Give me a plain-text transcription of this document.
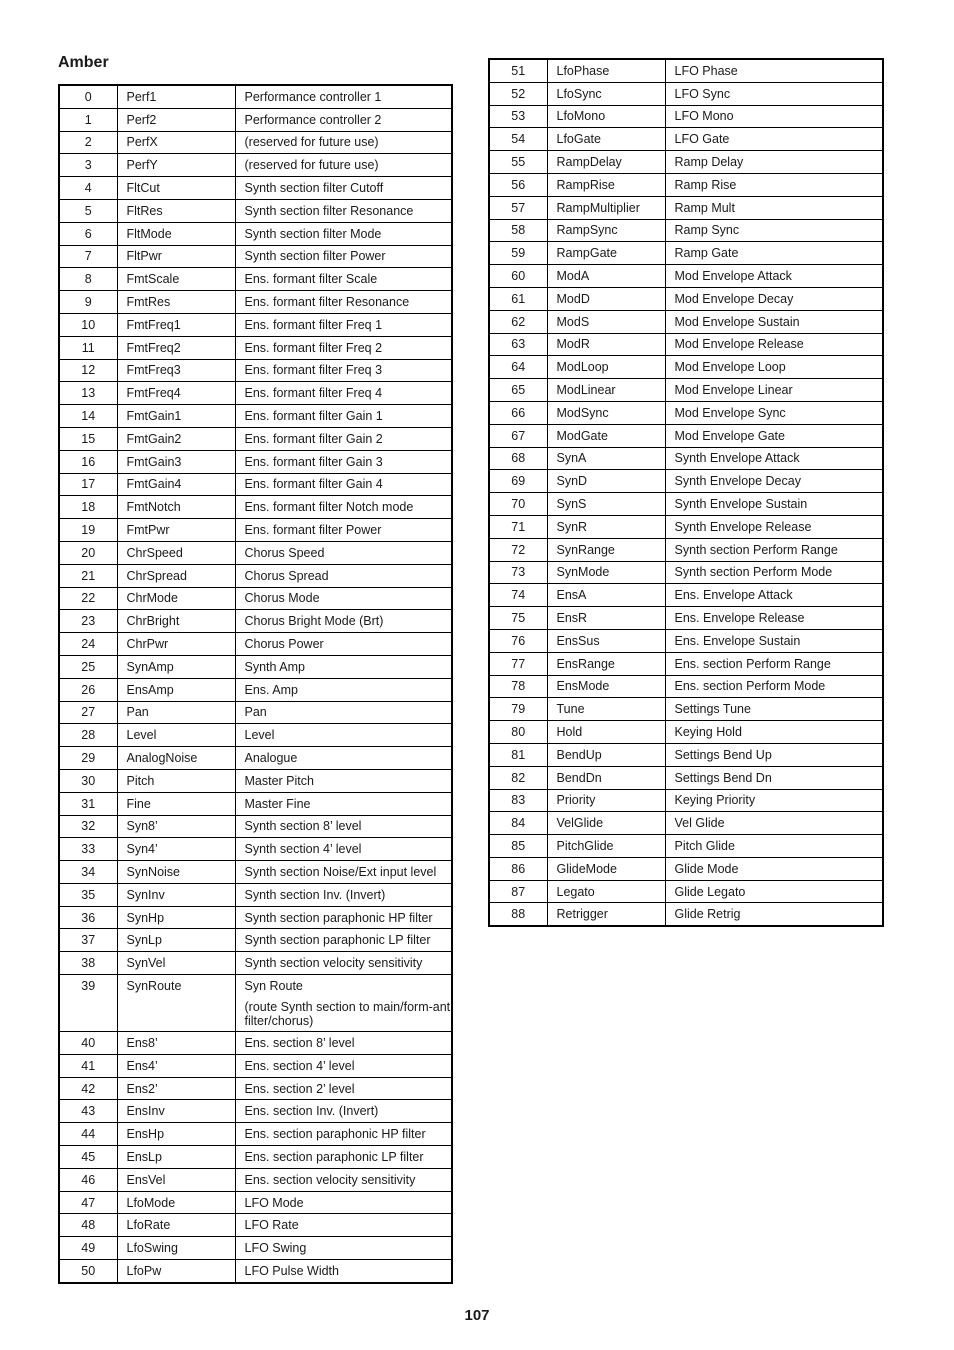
Amber
0	Perf1	Performance controller 1
1	Perf2	Performance controller 2
2	PerfX	(reserved for future use)
3	PerfY	(reserved for future use)
4	FltCut	Synth section filter Cutoff
5	FltRes	Synth section filter Resonance
6	FltMode	Synth section filter Mode
7	FltPwr	Synth section filter Power
8	FmtScale	Ens. formant filter Scale
9	FmtRes	Ens. formant filter Resonance
10	FmtFreq1	Ens. formant filter Freq 1
11	FmtFreq2	Ens. formant filter Freq 2
12	FmtFreq3	Ens. formant filter Freq 3
13	FmtFreq4	Ens. formant filter Freq 4
14	FmtGain1	Ens. formant filter Gain 1
15	FmtGain2	Ens. formant filter Gain 2
16	FmtGain3	Ens. formant filter Gain 3
17	FmtGain4	Ens. formant filter Gain 4
18	FmtNotch	Ens. formant filter Notch mode
19	FmtPwr	Ens. formant filter Power
20	ChrSpeed	Chorus Speed
21	ChrSpread	Chorus Spread
22	ChrMode	Chorus Mode
23	ChrBright	Chorus Bright Mode (Brt)
24	ChrPwr	Chorus Power
25	SynAmp	Synth Amp
26	EnsAmp	Ens. Amp
27	Pan	Pan
28	Level	Level
29	AnalogNoise	Analogue
30	Pitch	Master Pitch
31	Fine	Master Fine
32	Syn8’	Synth section 8’ level
33	Syn4’	Synth section 4’ level
34	SynNoise	Synth section Noise/Ext input level
35	SynInv	Synth section Inv. (Invert)
36	SynHp	Synth section paraphonic HP filter
37	SynLp	Synth section paraphonic LP filter
38	SynVel	Synth section velocity sensitivity
39	SynRoute	Syn Route
(route Synth section to main/form-ant filter/chorus)

40	Ens8’	Ens. section 8’ level
41	Ens4’	Ens. section 4’ level
42	Ens2’	Ens. section 2’ level
43	EnsInv	Ens. section Inv. (Invert)
44	EnsHp	Ens. section paraphonic HP filter
45	EnsLp	Ens. section paraphonic LP filter
46	EnsVel	Ens. section velocity sensitivity
47	LfoMode	LFO Mode
48	LfoRate	LFO Rate
49	LfoSwing	LFO Swing
50	LfoPw	LFO Pulse Width
51	LfoPhase	LFO Phase
52	LfoSync	LFO Sync
53	LfoMono	LFO Mono
54	LfoGate	LFO Gate
55	RampDelay	Ramp Delay
56	RampRise	Ramp Rise
57	RampMultiplier	Ramp Mult
58	RampSync	Ramp Sync
59	RampGate	Ramp Gate
60	ModA	Mod Envelope Attack
61	ModD	Mod Envelope Decay
62	ModS	Mod Envelope Sustain
63	ModR	Mod Envelope Release
64	ModLoop	Mod Envelope Loop
65	ModLinear	Mod Envelope Linear
66	ModSync	Mod Envelope Sync
67	ModGate	Mod Envelope Gate
68	SynA	Synth Envelope Attack
69	SynD	Synth Envelope Decay
70	SynS	Synth Envelope Sustain
71	SynR	Synth Envelope Release
72	SynRange	Synth section Perform Range
73	SynMode	Synth section Perform Mode
74	EnsA	Ens. Envelope Attack
75	EnsR	Ens. Envelope Release
76	EnsSus	Ens. Envelope Sustain
77	EnsRange	Ens. section Perform Range
78	EnsMode	Ens. section Perform Mode
79	Tune	Settings Tune
80	Hold	Keying Hold
81	BendUp	Settings Bend Up
82	BendDn	Settings Bend Dn
83	Priority	Keying Priority
84	VelGlide	Vel Glide
85	PitchGlide	Pitch Glide
86	GlideMode	Glide Mode
87	Legato	Glide Legato
88	Retrigger	Glide Retrig
107
